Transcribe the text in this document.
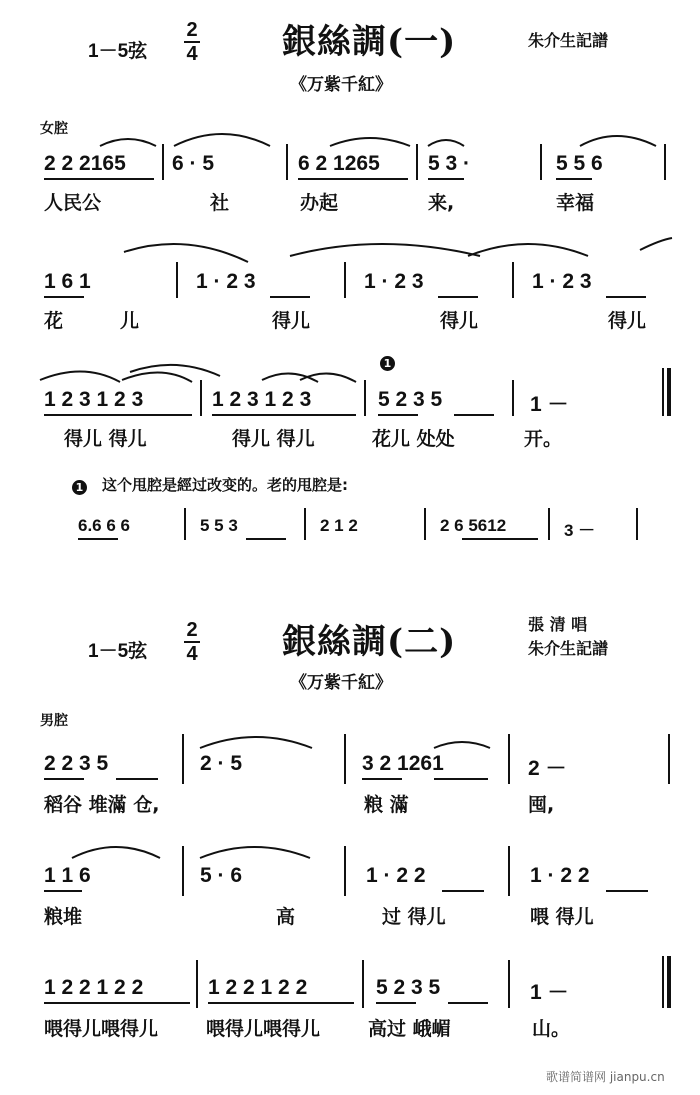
1－5弦
2
4 銀絲調(一)	朱介生記譜
《万紫千紅》
女腔
2 2 2165 6 · 5	6 2 1265 5 3 ·	5 5 6
人民公	社	办起	来,	幸福
1 6 1	1 · 2 3	1 · 2 3	1 · 2 3
花	儿	得儿	得儿	得儿
1
1 2 3 1 2 3	1 2 3 1 2 3	5 2 3 5	1 －
得儿 得儿	得儿 得儿	花儿 处处	开。
1 这个甩腔是經过改变的。老的甩腔是:
6.6 6 6	5 5 3	2 1 2	2 6 5612	3 －
1－5弦
2
4 銀絲調(二)	張 清 唱
朱介生記譜
《万紫千紅》
男腔
2 2 3 5	2 · 5	3 2 1261	2 －
稻谷 堆滿 仓,	粮 滿	囤,
1 1 6	5 · 6	1 · 2 2	1 · 2 2
粮堆	高	过 得儿	喂 得儿
1 2 2 1 2 2	1 2 2 1 2 2	5 2 3 5	1 －
喂得儿喂得儿	喂得儿喂得儿	高过 峨嵋	山。
歌谱简谱网 jianpu.cn
